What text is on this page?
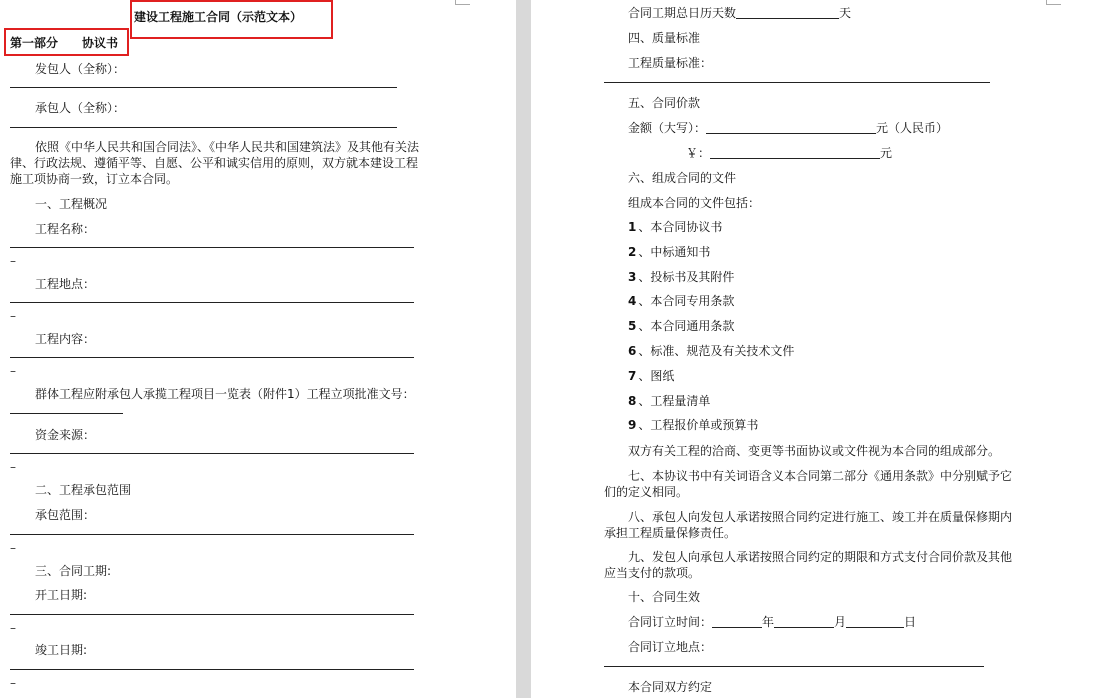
建设工程施工合同（示范文本）
第一部分　　协议书
发包人（全称）：
承包人（全称）：
依照《中华人民共和国合同法》、《中华人民共和国建筑法》及其他有关法律、行政法规、遵循平等、自愿、公平和诚实信用的原则，双方就本建设工程施工项协商一致，订立本合同。
一、工程概况
工程名称：
–
工程地点：
–
工程内容：
–
群体工程应附承包人承揽工程项目一览表（附件1）工程立项批准文号：
资金来源：
–
二、工程承包范围
承包范围：
–
三、合同工期:
开工日期:
–
竣工日期:
–
合同工期总日历天数	天
四、质量标准
工程质量标准：
五、合同价款
金额（大写）：	元（人民币）
￥：	元
六、组成合同的文件
组成本合同的文件包括：
1 、本合同协议书
2 、中标通知书
3 、投标书及其附件
4 、本合同专用条款
5 、本合同通用条款
6 、标准、规范及有关技术文件
7 、图纸
8 、工程量清单
9 、工程报价单或预算书
双方有关工程的洽商、变更等书面协议或文件视为本合同的组成部分。
七、本协议书中有关词语含义本合同第二部分《通用条款》中分别赋予它们的定义相同。
八、承包人向发包人承诺按照合同约定进行施工、竣工并在质量保修期内承担工程质量保修责任。
九、发包人向承包人承诺按照合同约定的期限和方式支付合同价款及其他应当支付的款项。
十、合同生效
合同订立时间：	年	月	日
合同订立地点：
本合同双方约定
